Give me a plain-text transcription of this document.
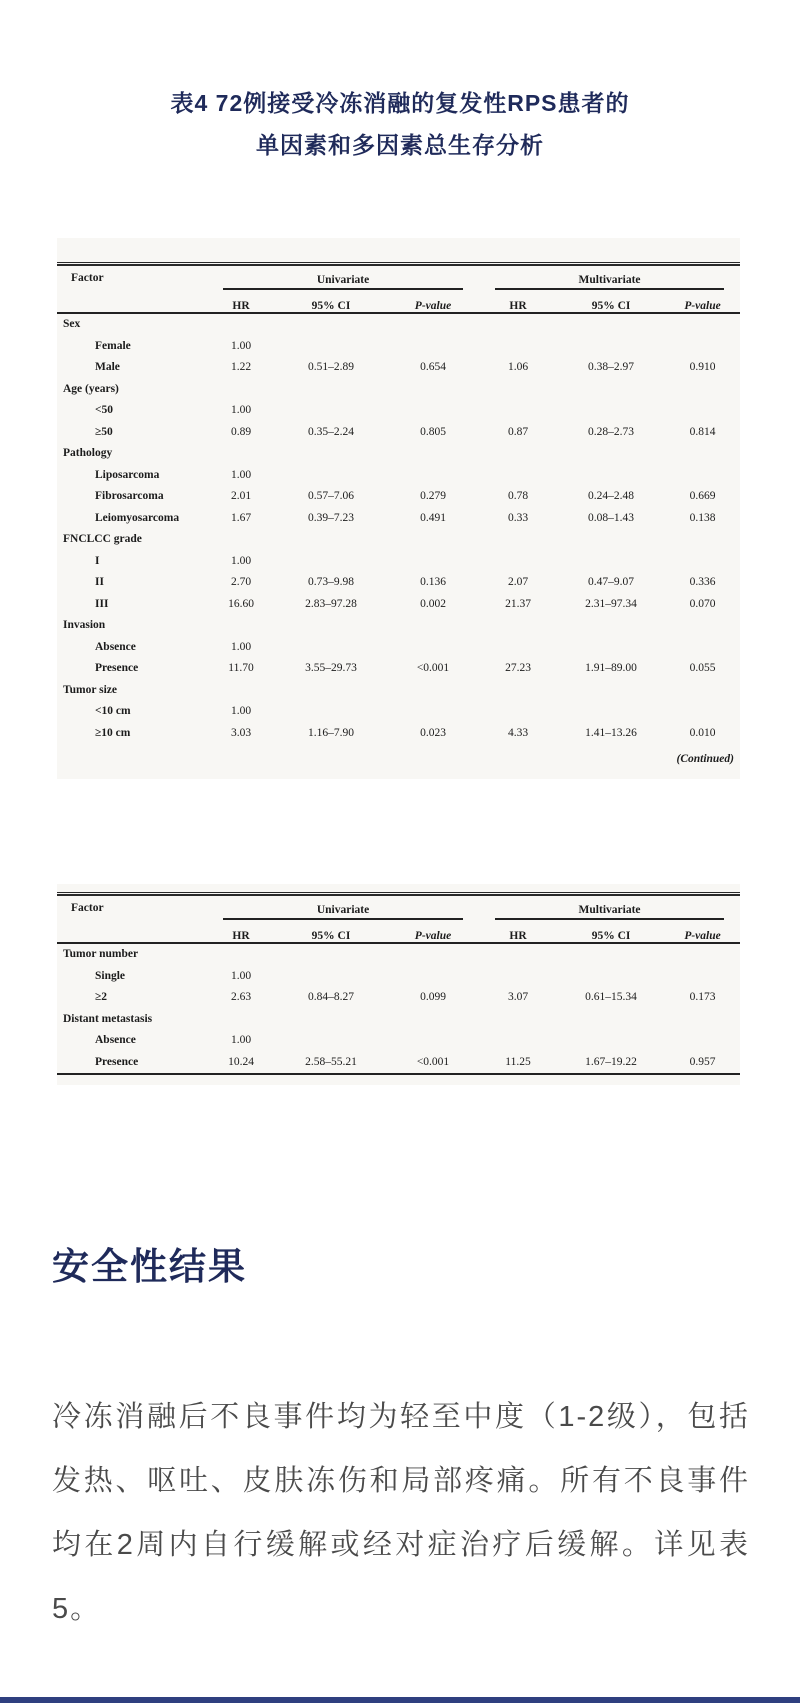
表4 72例接受冷冻消融的复发性RPS患者的
单因素和多因素总生存分析
Factor	Univariate			Multivariate		

	HR	95% CI	P-value	HR	95% CI	P-value
Sex						
Female	1.00					
Male	1.22	0.51–2.89	0.654	1.06	0.38–2.97	0.910
Age (years)						
<50	1.00					
≥50	0.89	0.35–2.24	0.805	0.87	0.28–2.73	0.814
Pathology						
Liposarcoma	1.00					
Fibrosarcoma	2.01	0.57–7.06	0.279	0.78	0.24–2.48	0.669
Leiomyosarcoma	1.67	0.39–7.23	0.491	0.33	0.08–1.43	0.138
FNCLCC grade						
I	1.00					
II	2.70	0.73–9.98	0.136	2.07	0.47–9.07	0.336
III	16.60	2.83–97.28	0.002	21.37	2.31–97.34	0.070
Invasion						
Absence	1.00					
Presence	11.70	3.55–29.73	<0.001	27.23	1.91–89.00	0.055
Tumor size						
<10 cm	1.00					
≥10 cm	3.03	1.16–7.90	0.023	4.33	1.41–13.26	0.010
(Continued)
Factor	Univariate			Multivariate		

	HR	95% CI	P-value	HR	95% CI	P-value
Tumor number						
Single	1.00					
≥2	2.63	0.84–8.27	0.099	3.07	0.61–15.34	0.173
Distant metastasis						
Absence	1.00					
Presence	10.24	2.58–55.21	<0.001	11.25	1.67–19.22	0.957
安全性结果
冷冻消融后不良事件均为轻至中度（1-2级），包括发热、呕吐、皮肤冻伤和局部疼痛。所有不良事件均在2周内自行缓解或经对症治疗后缓解。详见表5。
